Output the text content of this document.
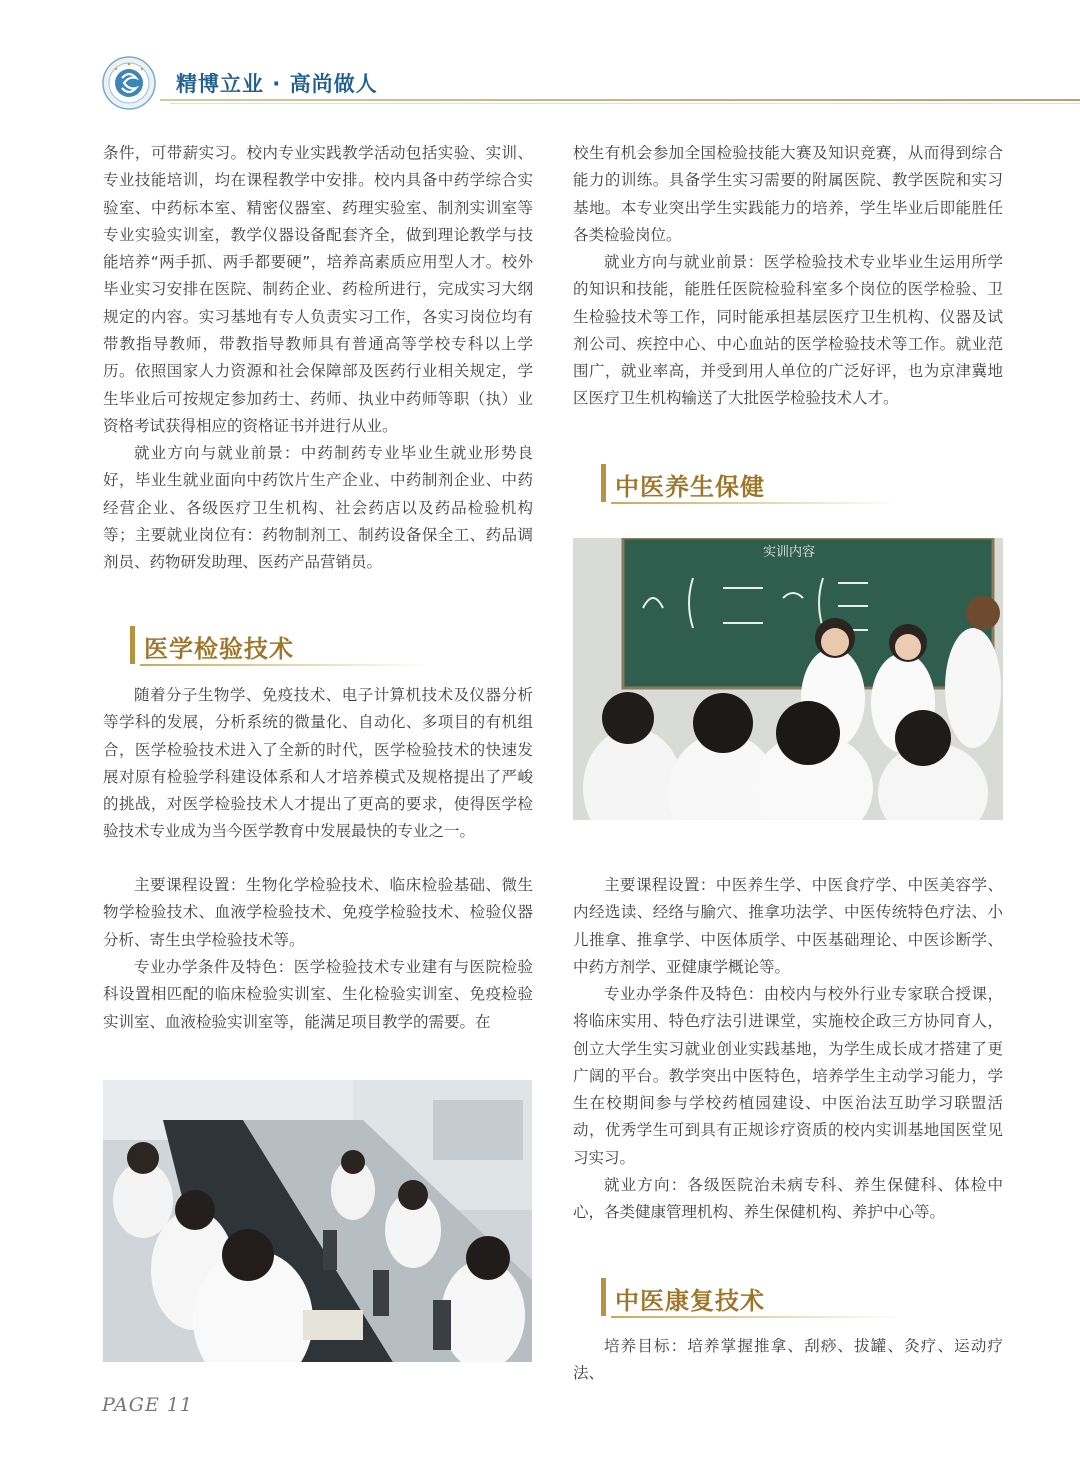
精博立业 · 高尚做人

条件，可带薪实习。校内专业实践教学活动包括实验、实训、专业技能培训，均在课程教学中安排。校内具备中药学综合实验室、中药标本室、精密仪器室、药理实验室、制剂实训室等专业实验实训室，教学仪器设备配套齐全，做到理论教学与技能培养“两手抓、两手都要硬”，培养高素质应用型人才。校外毕业实习安排在医院、制药企业、药检所进行，完成实习大纲规定的内容。实习基地有专人负责实习工作，各实习岗位均有带教指导教师，带教指导教师具有普通高等学校专科以上学历。依照国家人力资源和社会保障部及医药行业相关规定，学生毕业后可按规定参加药士、药师、执业中药师等职（执）业资格考试获得相应的资格证书并进行从业。

就业方向与就业前景：中药制药专业毕业生就业形势良好，毕业生就业面向中药饮片生产企业、中药制剂企业、中药经营企业、各级医疗卫生机构、社会药店以及药品检验机构等；主要就业岗位有：药物制剂工、制药设备保全工、药品调剂员、药物研发助理、医药产品营销员。

医学检验技术

随着分子生物学、免疫技术、电子计算机技术及仪器分析等学科的发展，分析系统的微量化、自动化、多项目的有机组合，医学检验技术进入了全新的时代，医学检验技术的快速发展对原有检验学科建设体系和人才培养模式及规格提出了严峻的挑战，对医学检验技术人才提出了更高的要求，使得医学检验技术专业成为当今医学教育中发展最快的专业之一。

主要课程设置：生物化学检验技术、临床检验基础、微生物学检验技术、血液学检验技术、免疫学检验技术、检验仪器分析、寄生虫学检验技术等。

专业办学条件及特色：医学检验技术专业建有与医院检验科设置相匹配的临床检验实训室、生化检验实训室、免疫检验实训室、血液检验实训室等，能满足项目教学的需要。在

校生有机会参加全国检验技能大赛及知识竞赛，从而得到综合能力的训练。具备学生实习需要的附属医院、教学医院和实习基地。本专业突出学生实践能力的培养，学生毕业后即能胜任各类检验岗位。

就业方向与就业前景：医学检验技术专业毕业生运用所学的知识和技能，能胜任医院检验科室多个岗位的医学检验、卫生检验技术等工作，同时能承担基层医疗卫生机构、仪器及试剂公司、疾控中心、中心血站的医学检验技术等工作。就业范围广，就业率高，并受到用人单位的广泛好评，也为京津冀地区医疗卫生机构输送了大批医学检验技术人才。

中医养生保健
实训内容

主要课程设置：中医养生学、中医食疗学、中医美容学、内经选读、经络与腧穴、推拿功法学、中医传统特色疗法、小儿推拿、推拿学、中医体质学、中医基础理论、中医诊断学、中药方剂学、亚健康学概论等。

专业办学条件及特色：由校内与校外行业专家联合授课，将临床实用、特色疗法引进课堂，实施校企政三方协同育人，创立大学生实习就业创业实践基地，为学生成长成才搭建了更广阔的平台。教学突出中医特色，培养学生主动学习能力，学生在校期间参与学校药植园建设、中医治法互助学习联盟活动，优秀学生可到具有正规诊疗资质的校内实训基地国医堂见习实习。

就业方向：各级医院治未病专科、养生保健科、体检中心，各类健康管理机构、养生保健机构、养护中心等。

中医康复技术

培养目标：培养掌握推拿、刮痧、拔罐、灸疗、运动疗法、

PAGE 11
